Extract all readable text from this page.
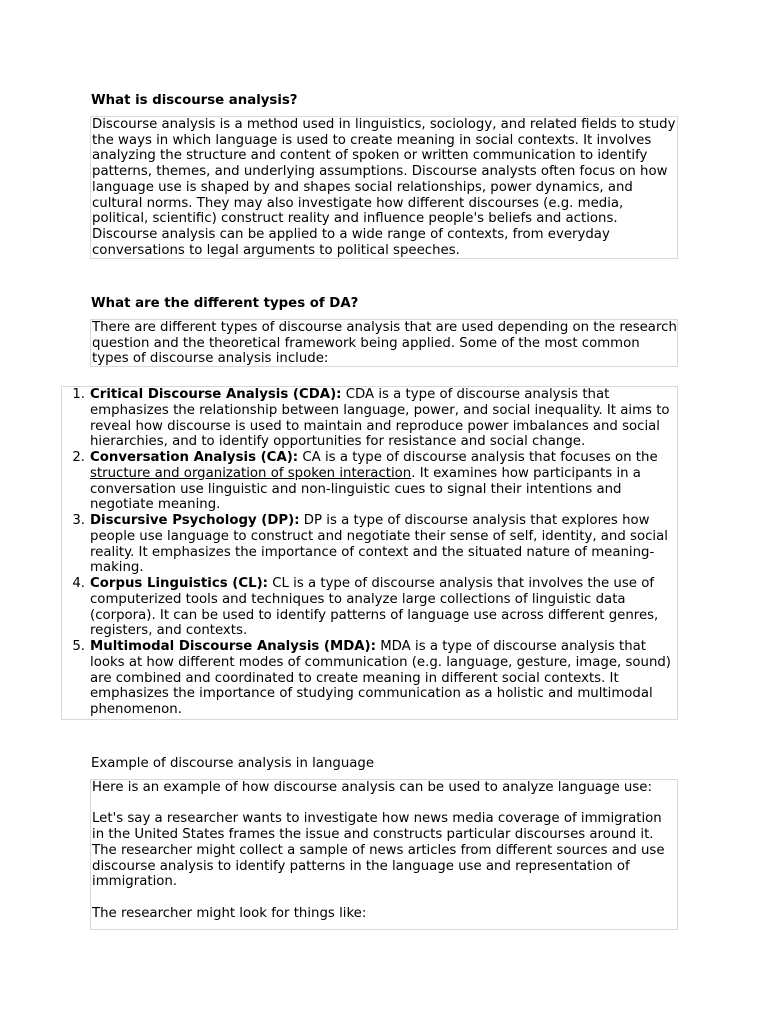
What is discourse analysis?

Discourse analysis is a method used in linguistics, sociology, and related fields to study the ways in which language is used to create meaning in social contexts. It involves analyzing the structure and content of spoken or written communication to identify patterns, themes, and underlying assumptions. Discourse analysts often focus on how language use is shaped by and shapes social relationships, power dynamics, and cultural norms. They may also investigate how different discourses (e.g. media, political, scientific) construct reality and influence people's beliefs and actions. Discourse analysis can be applied to a wide range of contexts, from everyday conversations to legal arguments to political speeches.

What are the different types of DA?

There are different types of discourse analysis that are used depending on the research question and the theoretical framework being applied. Some of the most common types of discourse analysis include:

1. Critical Discourse Analysis (CDA): CDA is a type of discourse analysis that emphasizes the relationship between language, power, and social inequality. It aims to reveal how discourse is used to maintain and reproduce power imbalances and social hierarchies, and to identify opportunities for resistance and social change.
2. Conversation Analysis (CA): CA is a type of discourse analysis that focuses on the structure and organization of spoken interaction. It examines how participants in a conversation use linguistic and non-linguistic cues to signal their intentions and negotiate meaning.
3. Discursive Psychology (DP): DP is a type of discourse analysis that explores how people use language to construct and negotiate their sense of self, identity, and social reality. It emphasizes the importance of context and the situated nature of meaning-making.
4. Corpus Linguistics (CL): CL is a type of discourse analysis that involves the use of computerized tools and techniques to analyze large collections of linguistic data (corpora). It can be used to identify patterns of language use across different genres, registers, and contexts.
5. Multimodal Discourse Analysis (MDA): MDA is a type of discourse analysis that looks at how different modes of communication (e.g. language, gesture, image, sound) are combined and coordinated to create meaning in different social contexts. It emphasizes the importance of studying communication as a holistic and multimodal phenomenon.
Example of discourse analysis in language

Here is an example of how discourse analysis can be used to analyze language use:

Let's say a researcher wants to investigate how news media coverage of immigration in the United States frames the issue and constructs particular discourses around it. The researcher might collect a sample of news articles from different sources and use discourse analysis to identify patterns in the language use and representation of immigration.

The researcher might look for things like:
